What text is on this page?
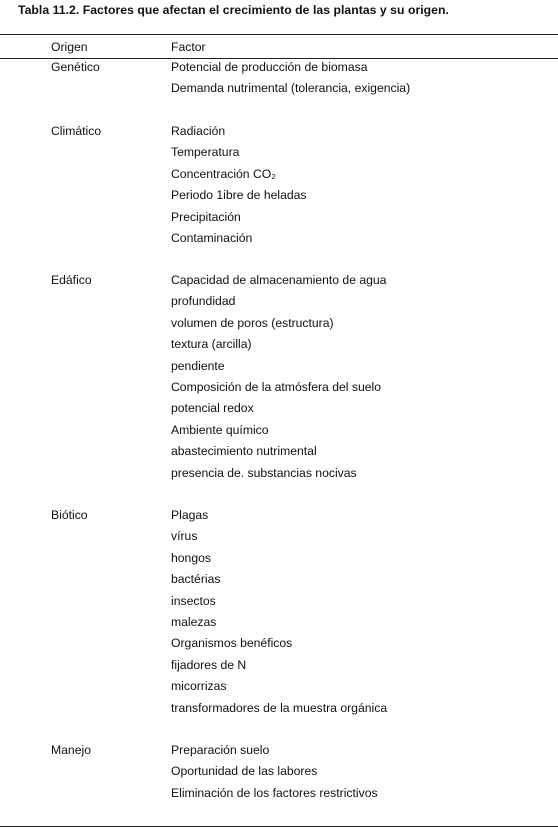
Tabla 11.2. Factores que afectan el crecimiento de las plantas y su origen.
Origen	Factor
Genético	Potencial de producción de biomasa
Demanda nutrimental (tolerancia, exigencia)
Climático	Radiación
Temperatura
Concentración CO₂
Periodo 1ibre de heladas
Precipitación
Contaminación
Edáfico	Capacidad de almacenamiento de agua
profundidad
volumen de poros (estructura)
textura (arcilla)
pendiente
Composición de la atmósfera del suelo
potencial redox
Ambiente químico
abastecimiento nutrimental
presencia de. substancias nocivas
Biótico	Plagas
vírus
hongos
bactérias
insectos
malezas
Organismos benéficos
fijadores de N
micorrizas
transformadores de la muestra orgánica
Manejo	Preparación suelo
Oportunidad de las labores
Eliminación de los factores restrictivos
